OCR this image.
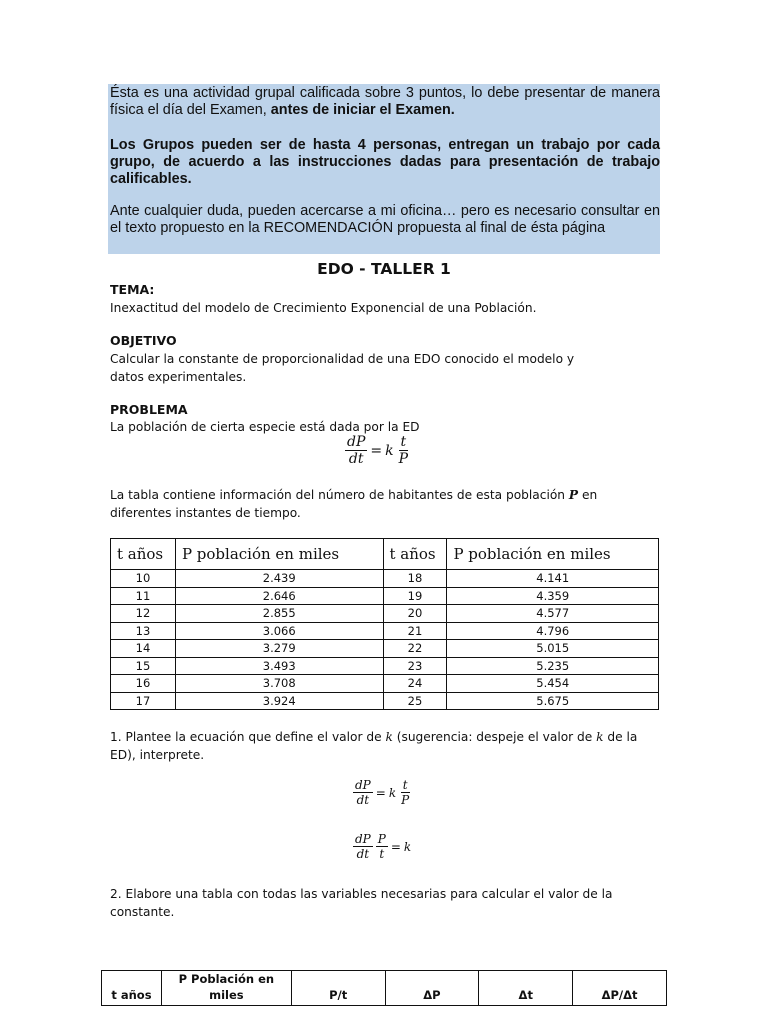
Ésta es una actividad grupal calificada sobre 3 puntos, lo debe presentar de manera física el día del Examen, antes de iniciar el Examen.

Los Grupos pueden ser de hasta 4 personas, entregan un trabajo por cada grupo, de acuerdo a las instrucciones dadas para presentación de trabajo calificables.

Ante cualquier duda, pueden acercarse a mi oficina… pero es necesario consultar en el texto propuesto en la RECOMENDACIÓN propuesta al final de ésta página

EDO - TALLER 1
TEMA:

Inexactitud del modelo de Crecimiento Exponencial de una Población.

OBJETIVO

Calcular la constante de proporcionalidad de una EDO conocido el modelo y datos experimentales.

PROBLEMA

La población de cierta especie está dada por la ED

$\frac{dP}{dt} = k \frac{t}{P}$

La tabla contiene información del número de habitantes de esta población P en diferentes instantes de tiempo.

t años	P población en miles	t años	P población en miles
10	2.439	18	4.141
11	2.646	19	4.359
12	2.855	20	4.577
13	3.066	21	4.796
14	3.279	22	5.015
15	3.493	23	5.235
16	3.708	24	5.454
17	3.924	25	5.675

1. Plantee la ecuación que define el valor de k (sugerencia: despeje el valor de k de la ED), interprete.

$\frac{dP}{dt} = k \frac{t}{P}$
$\frac{dP}{dt} \frac{P}{t} = k$

2. Elabore una tabla con todas las variables necesarias para calcular el valor de la constante.

t años	P Población en miles	P/t	ΔP	Δt	ΔP/Δt
